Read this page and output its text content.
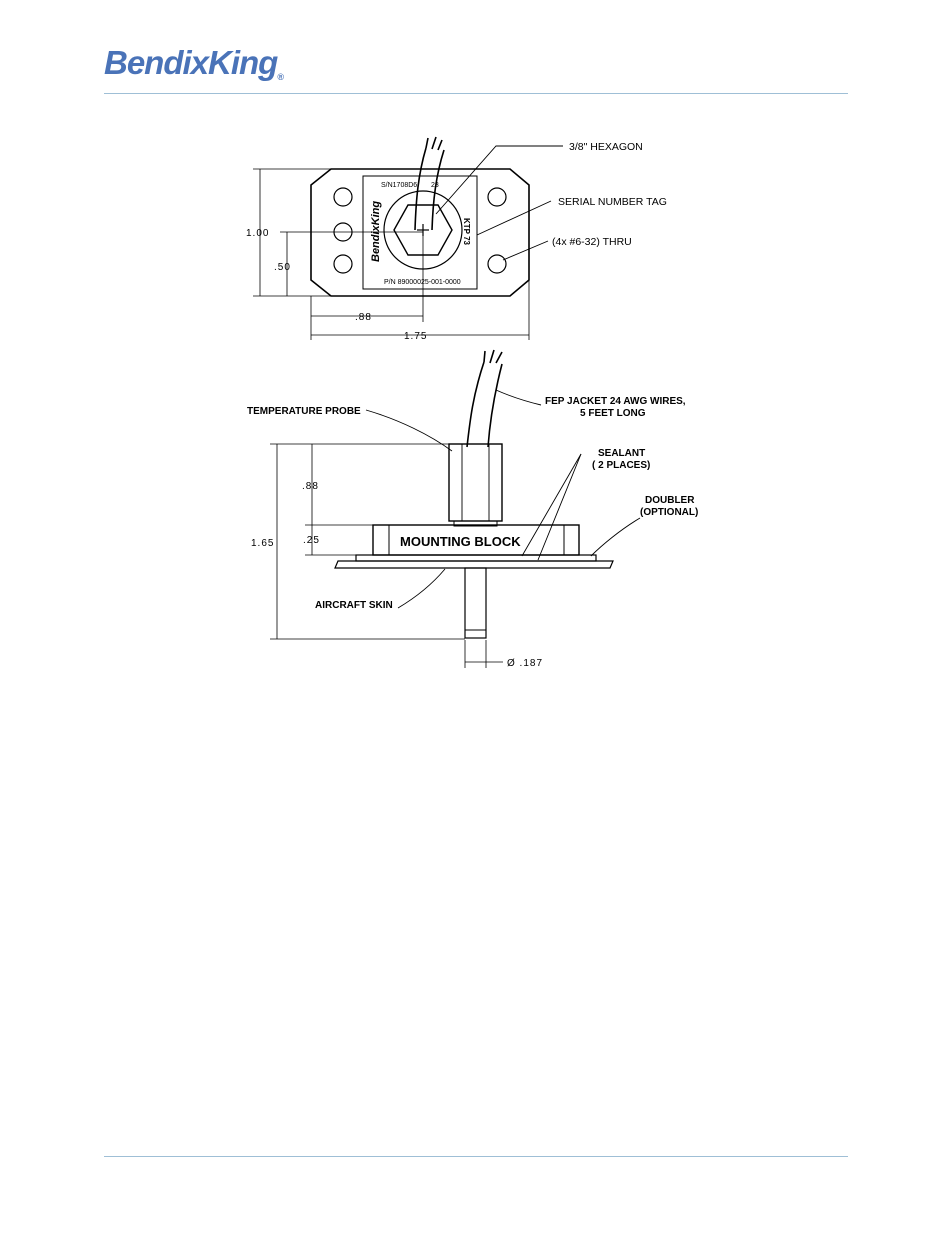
BendixKing®
S/N1708D6 23
BendixKing	KTP 73
P/N 89000025-001-0000
3/8" HEXAGON
SERIAL NUMBER TAG
(4x #6-32) THRU
1.00
.50
.88
1.75
MOUNTING BLOCK
TEMPERATURE PROBE
FEP JACKET 24 AWG WIRES,
5 FEET LONG
SEALANT
( 2 PLACES)
DOUBLER
(OPTIONAL)
AIRCRAFT SKIN
1.65
.88
.25
Ø .187
